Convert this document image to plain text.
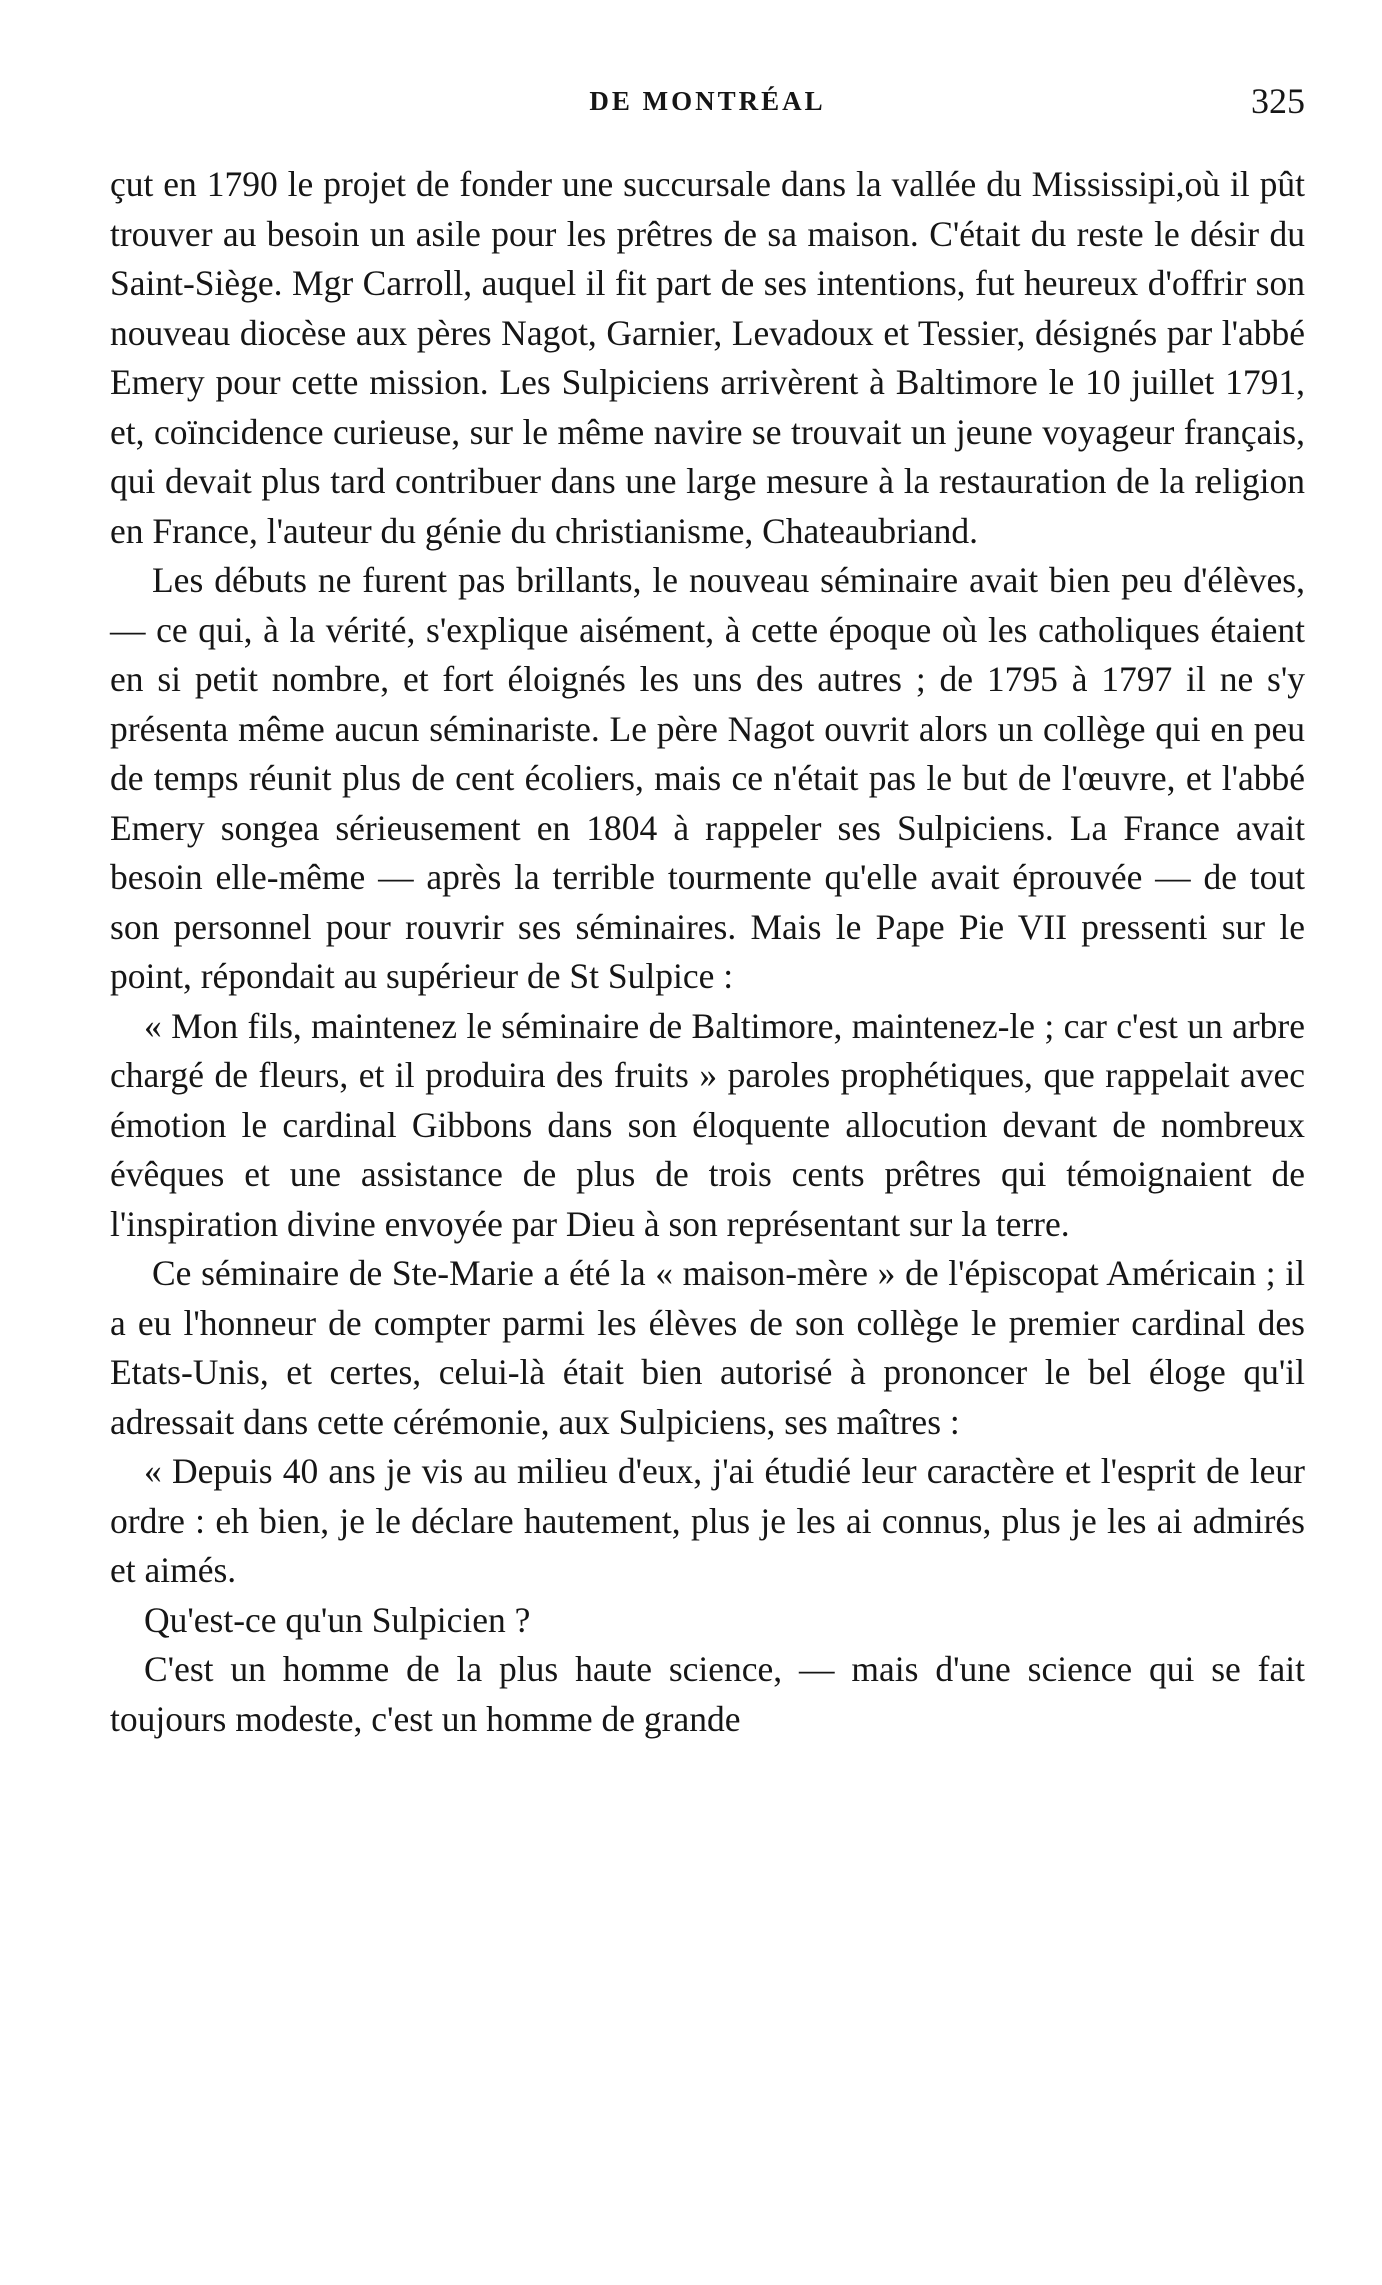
DE MONTRÉAL	325

çut en 1790 le projet de fonder une succursale dans la vallée du Mississipi,où il pût trouver au besoin un asile pour les prêtres de sa maison. C'était du reste le désir du Saint-Siège. Mgr Carroll, auquel il fit part de ses intentions, fut heureux d'offrir son nouveau diocèse aux pères Nagot, Garnier, Levadoux et Tessier, désignés par l'abbé Emery pour cette mission. Les Sulpiciens arrivèrent à Baltimore le 10 juillet 1791, et, coïncidence curieuse, sur le même navire se trouvait un jeune voyageur français, qui devait plus tard contribuer dans une large mesure à la restauration de la religion en France, l'auteur du génie du christianisme, Chateaubriand.

Les débuts ne furent pas brillants, le nouveau séminaire avait bien peu d'élèves, — ce qui, à la vérité, s'explique aisément, à cette époque où les catholiques étaient en si petit nombre, et fort éloignés les uns des autres ; de 1795 à 1797 il ne s'y présenta même aucun séminariste. Le père Nagot ouvrit alors un collège qui en peu de temps réunit plus de cent écoliers, mais ce n'était pas le but de l'œuvre, et l'abbé Emery songea sérieusement en 1804 à rappeler ses Sulpiciens. La France avait besoin elle-même — après la terrible tourmente qu'elle avait éprouvée — de tout son personnel pour rouvrir ses séminaires. Mais le Pape Pie VII pressenti sur le point, répondait au supérieur de St Sulpice :

« Mon fils, maintenez le séminaire de Baltimore, maintenez-le ; car c'est un arbre chargé de fleurs, et il produira des fruits » paroles prophétiques, que rappelait avec émotion le cardinal Gibbons dans son éloquente allocution devant de nombreux évêques et une assistance de plus de trois cents prêtres qui témoignaient de l'inspiration divine envoyée par Dieu à son représentant sur la terre.

Ce séminaire de Ste-Marie a été la « maison-mère » de l'épiscopat Américain ; il a eu l'honneur de compter parmi les élèves de son collège le premier cardinal des Etats-Unis, et certes, celui-là était bien autorisé à prononcer le bel éloge qu'il adressait dans cette cérémonie, aux Sulpiciens, ses maîtres :

« Depuis 40 ans je vis au milieu d'eux, j'ai étudié leur caractère et l'esprit de leur ordre : eh bien, je le déclare hautement, plus je les ai connus, plus je les ai admirés et aimés.

Qu'est-ce qu'un Sulpicien ?

C'est un homme de la plus haute science, — mais d'une science qui se fait toujours modeste, c'est un homme de grande
